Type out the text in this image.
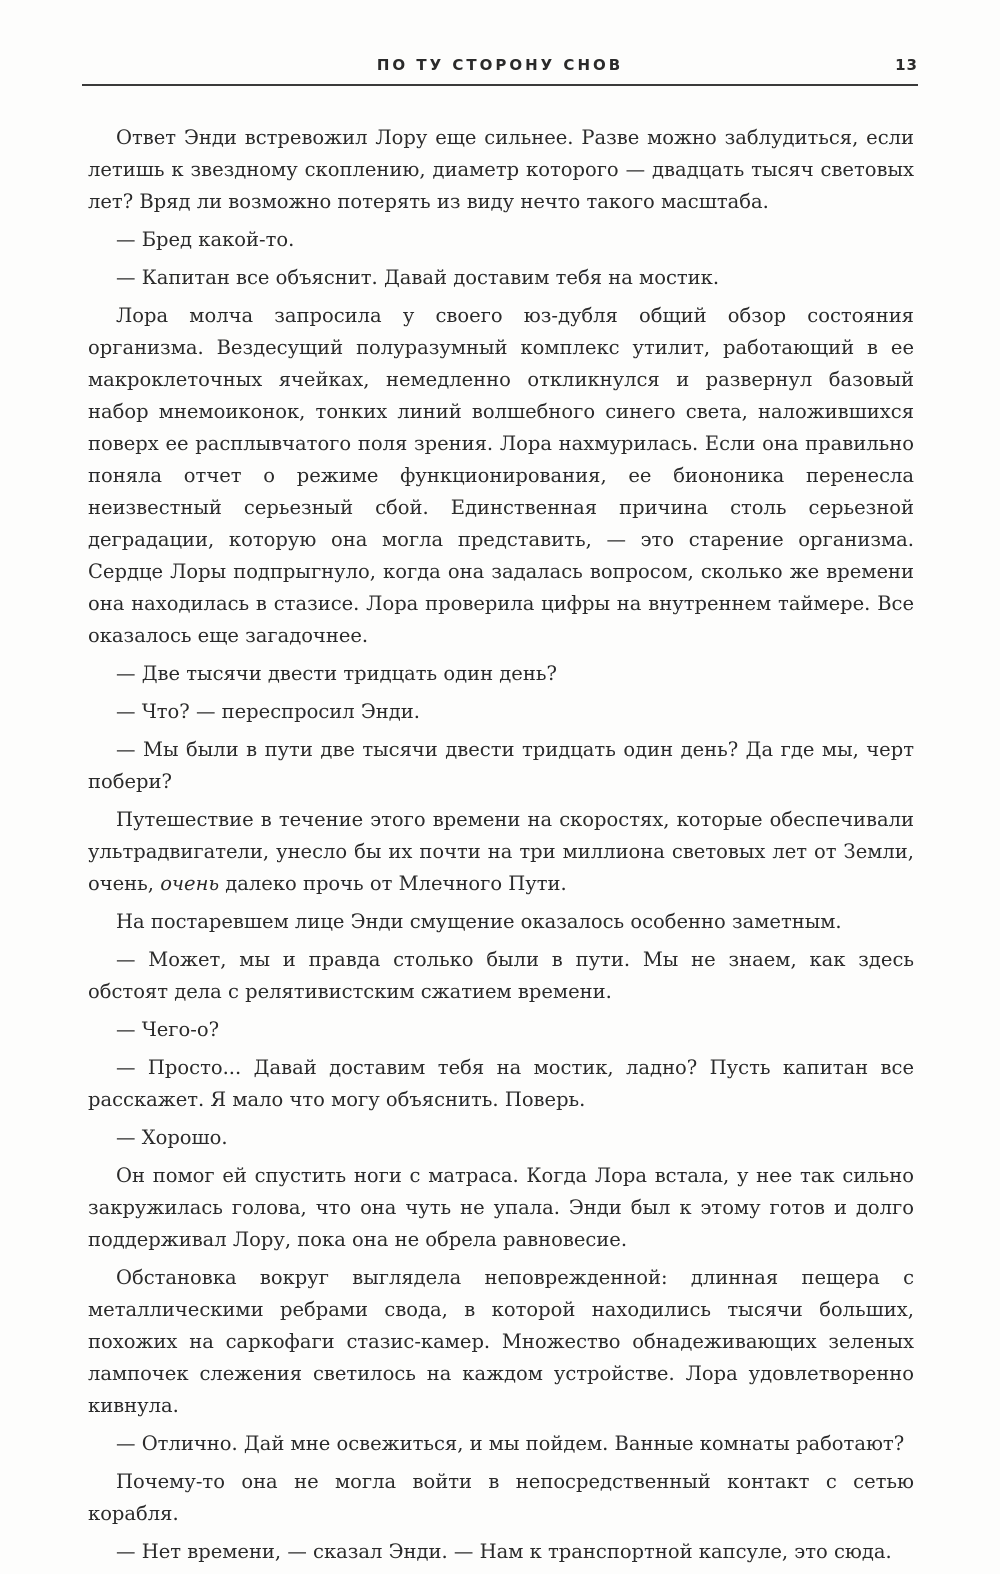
ПО ТУ СТОРОНУ СНОВ	13

Ответ Энди встревожил Лору еще сильнее. Разве можно заблудиться, если летишь к звездному скоплению, диаметр которого — двадцать тысяч световых лет? Вряд ли возможно потерять из виду нечто такого масштаба.

— Бред какой-то.

— Капитан все объяснит. Давай доставим тебя на мостик.

Лора молча запросила у своего юз-дубля общий обзор состояния организма. Вездесущий полуразумный комплекс утилит, работающий в ее макроклеточных ячейках, немедленно откликнулся и развернул базовый набор мнемоиконок, тонких линий волшебного синего света, наложившихся поверх ее расплывчатого поля зрения. Лора нахмурилась. Если она правильно поняла отчет о режиме функционирования, ее биононика перенесла неизвестный серьезный сбой. Единственная причина столь серьезной деградации, которую она могла представить, — это старение организма. Сердце Лоры подпрыгнуло, когда она задалась вопросом, сколько же времени она находилась в стазисе. Лора проверила цифры на внутреннем таймере. Все оказалось еще загадочнее.

— Две тысячи двести тридцать один день?

— Что? — переспросил Энди.

— Мы были в пути две тысячи двести тридцать один день? Да где мы, черт побери?

Путешествие в течение этого времени на скоростях, которые обеспечивали ультрадвигатели, унесло бы их почти на три миллиона световых лет от Земли, очень, очень далеко прочь от Млечного Пути.

На постаревшем лице Энди смущение оказалось особенно заметным.

— Может, мы и правда столько были в пути. Мы не знаем, как здесь обстоят дела с релятивистским сжатием времени.

— Чего-о?

— Просто... Давай доставим тебя на мостик, ладно? Пусть капитан все расскажет. Я мало что могу объяснить. Поверь.

— Хорошо.

Он помог ей спустить ноги с матраса. Когда Лора встала, у нее так сильно закружилась голова, что она чуть не упала. Энди был к этому готов и долго поддерживал Лору, пока она не обрела равновесие.

Обстановка вокруг выглядела неповрежденной: длинная пещера с металлическими ребрами свода, в которой находились тысячи больших, похожих на саркофаги стазис-камер. Множество обнадеживающих зеленых лампочек слежения светилось на каждом устройстве. Лора удовлетворенно кивнула.

— Отлично. Дай мне освежиться, и мы пойдем. Ванные комнаты работают?

Почему-то она не могла войти в непосредственный контакт с сетью корабля.

— Нет времени, — сказал Энди. — Нам к транспортной капсуле, это сюда.
